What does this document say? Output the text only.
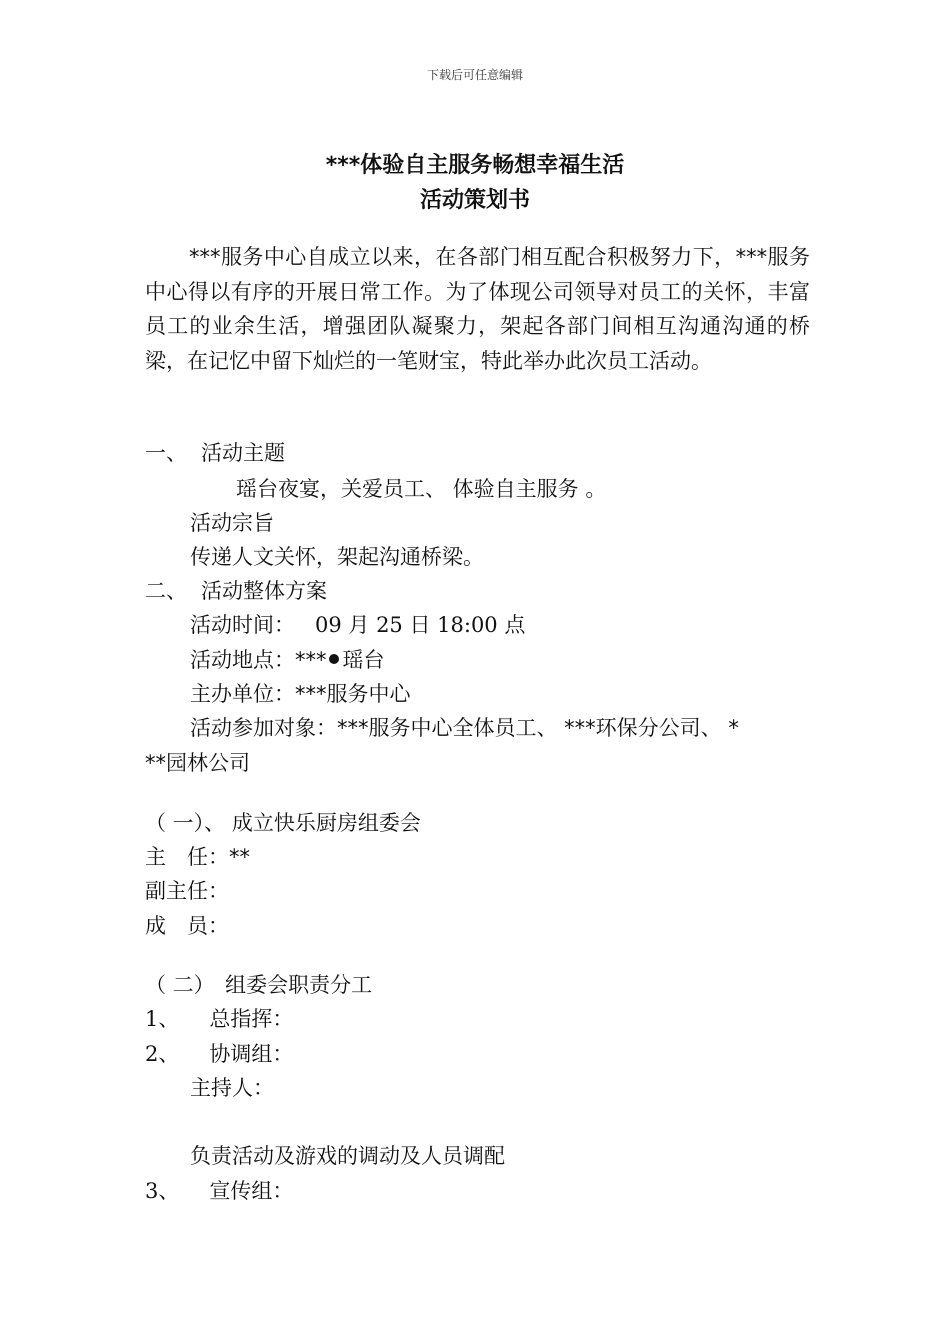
下载后可任意编辑
***体验自主服务畅想幸福生活
活动策划书
***服务中心自成立以来，在各部门相互配合积极努力下，***服务中心得以有序的开展日常工作。为了体现公司领导对员工的关怀，丰富员工的业余生活，增强团队凝聚力，架起各部门间相互沟通沟通的桥梁，在记忆中留下灿烂的一笔财宝，特此举办此次员工活动。
一、 活动主题
瑶台夜宴，关爱员工、 体验自主服务 。
活动宗旨
传递人文关怀，架起沟通桥梁。
二、 活动整体方案
活动时间： 09 月 25 日 18:00 点
活动地点：*** 瑶台
主办单位：***服务中心
活动参加对象：***服务中心全体员工、 ***环保分公司、 *
**园林公司
（ 一）、 成立快乐厨房组委会
主　任：**
副主任：
成　员：
（ 二）　组委会职责分工
1、 总指挥：
2、 协调组：
主持人：
负责活动及游戏的调动及人员调配
3、 宣传组：
